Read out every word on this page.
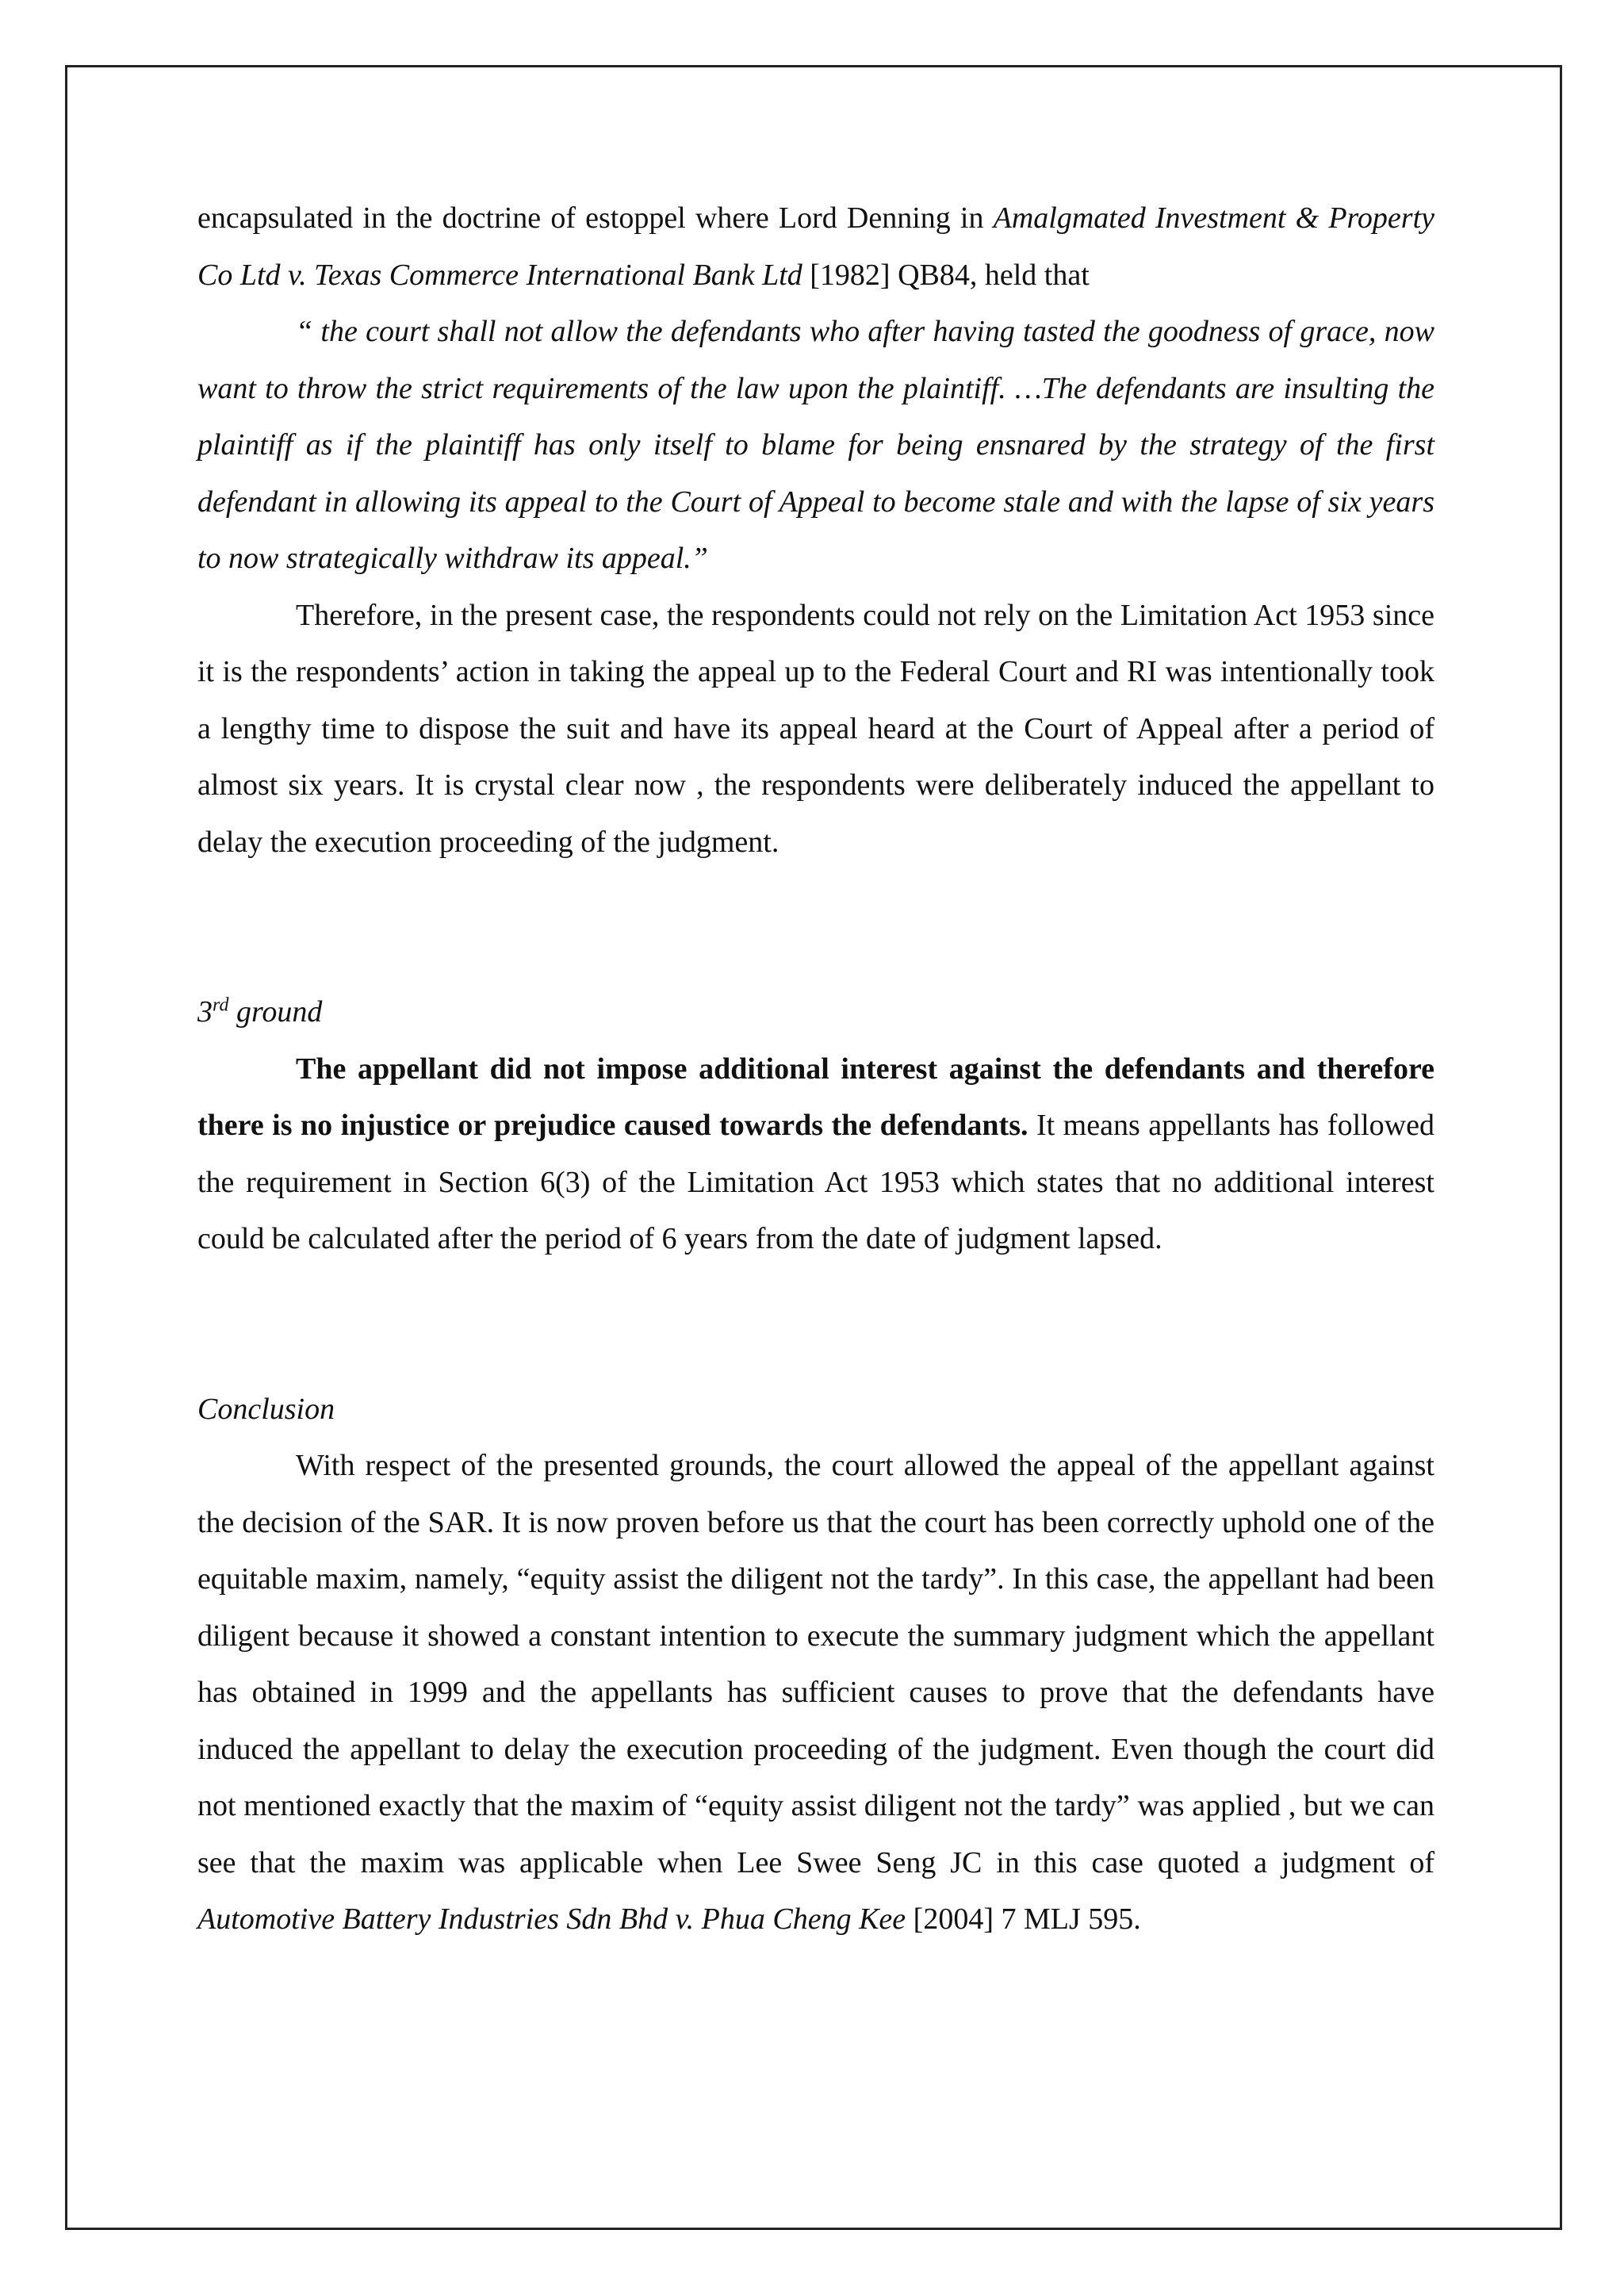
encapsulated in the doctrine of estoppel where Lord Denning in Amalgmated Investment & Property Co Ltd v. Texas Commerce International Bank Ltd [1982] QB84, held that

“ the court shall not allow the defendants who after having tasted the goodness of grace, now want to throw the strict requirements of the law upon the plaintiff. …The defendants are insulting the plaintiff as if the plaintiff has only itself to blame for being ensnared by the strategy of the first defendant in allowing its appeal to the Court of Appeal to become stale and with the lapse of six years to now strategically withdraw its appeal.”

Therefore, in the present case, the respondents could not rely on the Limitation Act 1953 since it is the respondents’ action in taking the appeal up to the Federal Court and RI was intentionally took a lengthy time to dispose the suit and have its appeal heard at the Court of Appeal after a period of almost six years. It is crystal clear now , the respondents were deliberately induced the appellant to delay the execution proceeding of the judgment.

3rd ground

The appellant did not impose additional interest against the defendants and therefore there is no injustice or prejudice caused towards the defendants. It means appellants has followed the requirement in Section 6(3) of the Limitation Act 1953 which states that no additional interest could be calculated after the period of 6 years from the date of judgment lapsed.

Conclusion

With respect of the presented grounds, the court allowed the appeal of the appellant against the decision of the SAR. It is now proven before us that the court has been correctly uphold one of the equitable maxim, namely, “equity assist the diligent not the tardy”. In this case, the appellant had been diligent because it showed a constant intention to execute the summary judgment which the appellant has obtained in 1999 and the appellants has sufficient causes to prove that the defendants have induced the appellant to delay the execution proceeding of the judgment. Even though the court did not mentioned exactly that the maxim of “equity assist diligent not the tardy” was applied , but we can see that the maxim was applicable when Lee Swee Seng JC in this case quoted a judgment of Automotive Battery Industries Sdn Bhd v. Phua Cheng Kee [2004] 7 MLJ 595.
